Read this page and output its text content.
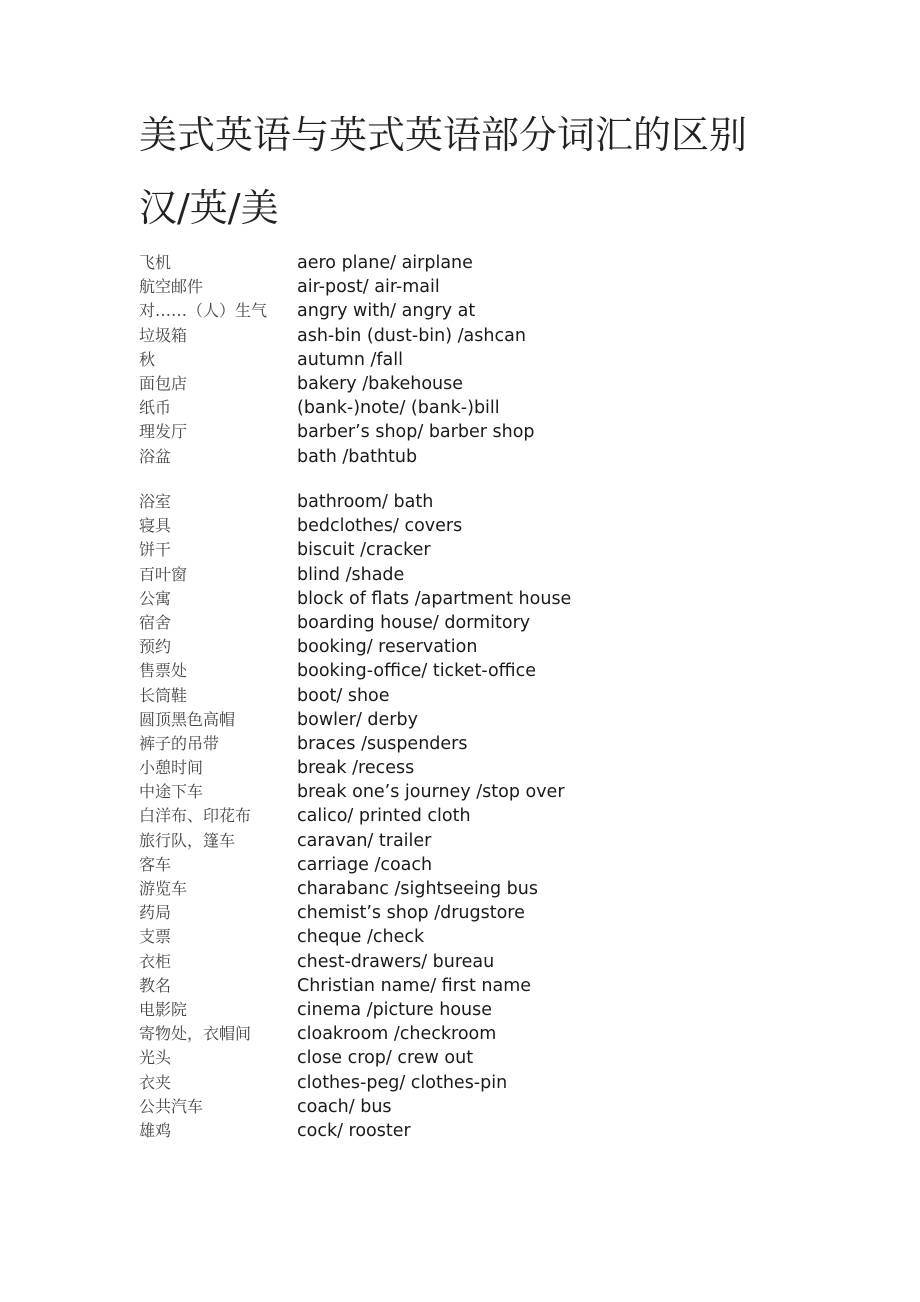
美式英语与英式英语部分词汇的区别
汉/英/美
飞机	aero plane/ airplane
航空邮件	air-post/ air-mail
对……（人）生气 angry with/ angry at
垃圾箱	ash-bin (dust-bin) /ashcan
秋	autumn /fall
面包店	bakery /bakehouse
纸币	(bank-)note/ (bank-)bill
理发厅	barber’s shop/ barber shop
浴盆	bath /bathtub
浴室	bathroom/ bath
寝具	bedclothes/ covers
饼干	biscuit /cracker
百叶窗	blind /shade
公寓	block of flats /apartment house
宿舍	boarding house/ dormitory
预约	booking/ reservation
售票处	booking-office/ ticket-office
长筒鞋	boot/ shoe
圆顶黑色高帽	bowler/ derby
裤子的吊带	braces /suspenders
小憩时间	break /recess
中途下车	break one’s journey /stop over
白洋布、印花布	calico/ printed cloth
旅行队，篷车	caravan/ trailer
客车	carriage /coach
游览车	charabanc /sightseeing bus
药局	chemist’s shop /drugstore
支票	cheque /check
衣柜	chest-drawers/ bureau
教名	Christian name/ first name
电影院	cinema /picture house
寄物处，衣帽间	cloakroom /checkroom
光头	close crop/ crew out
衣夹	clothes-peg/ clothes-pin
公共汽车	coach/ bus
雄鸡	cock/ rooster
